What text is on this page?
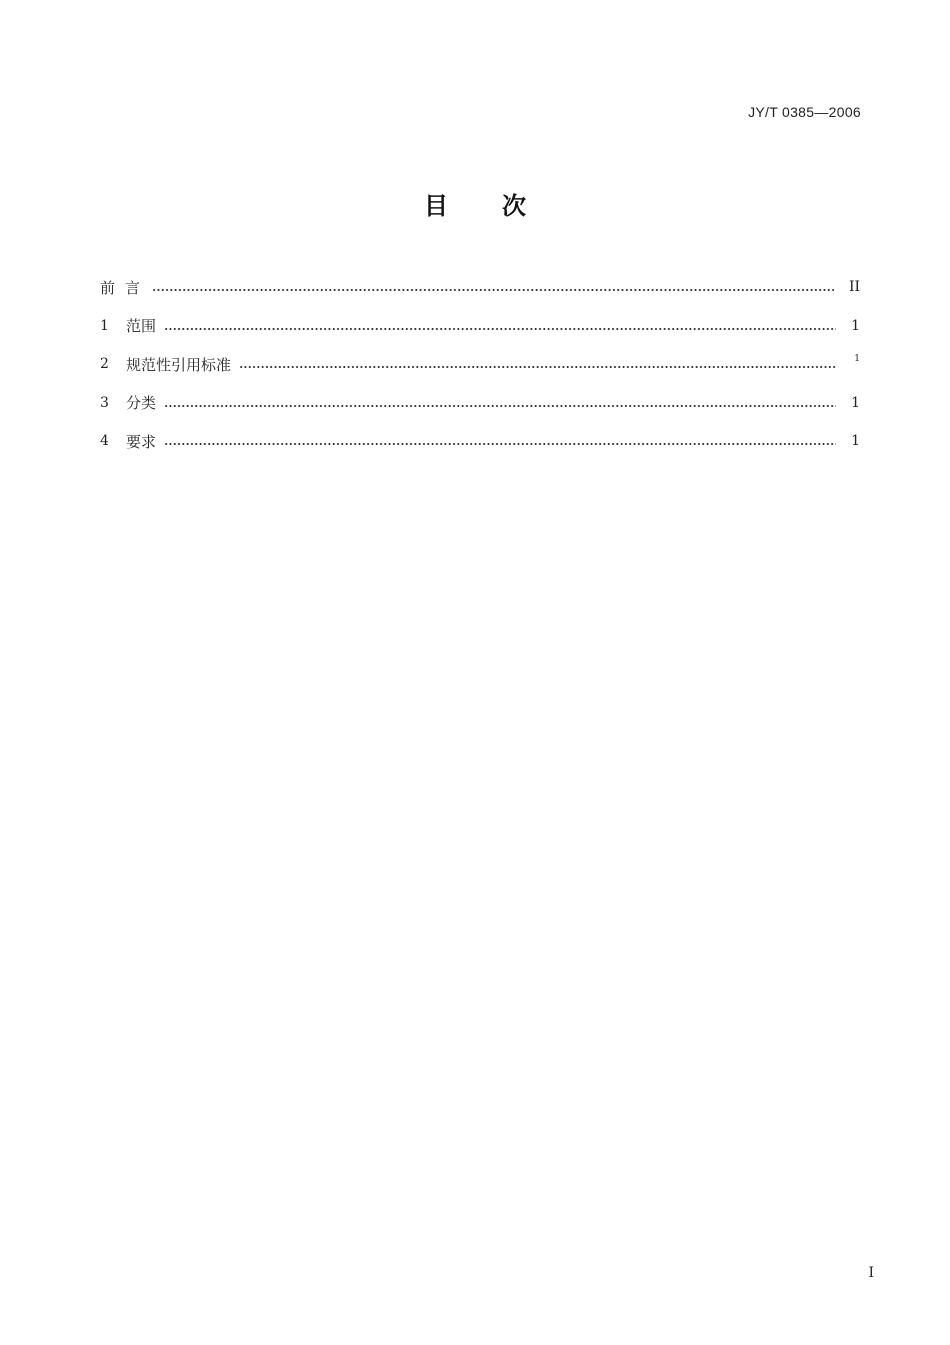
JY/T 0385—2006
目 次
前言	II
1	范围	1
2	规范性引用标准	1
3	分类	1
4	要求	1
I
